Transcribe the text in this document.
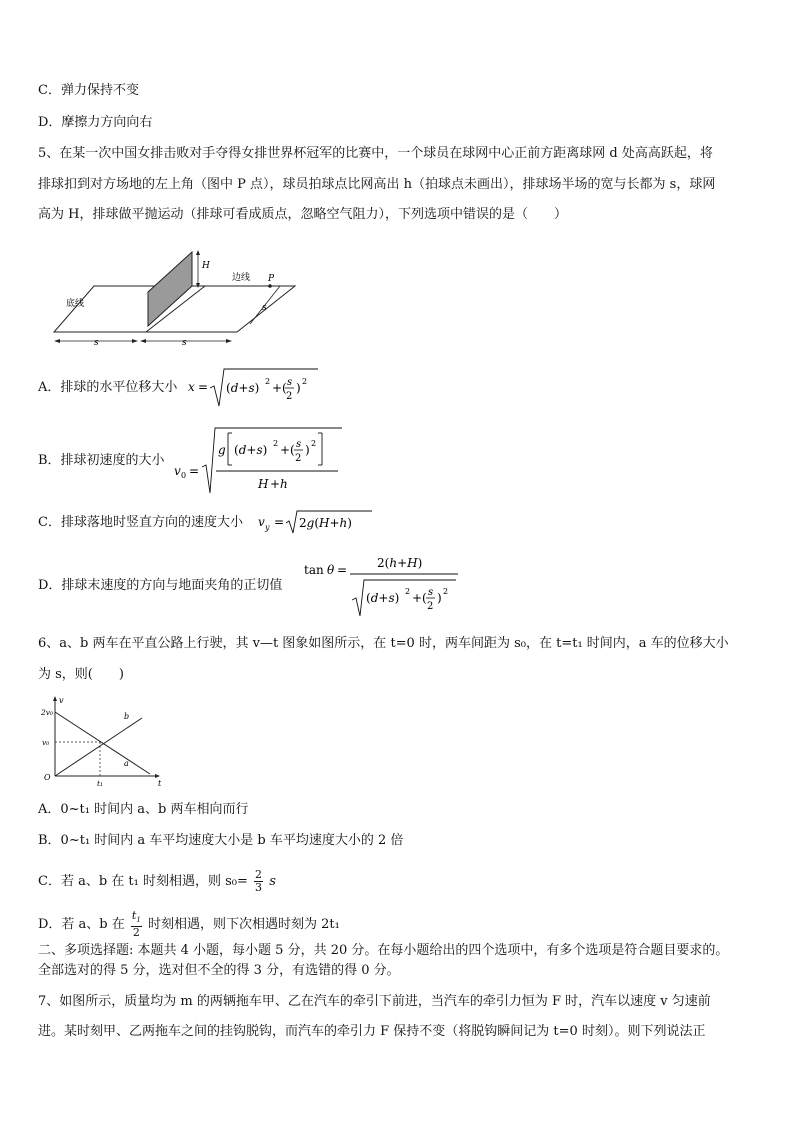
C．弹力保持不变
D．摩擦力方向向右
5、在某一次中国女排击败对手夺得女排世界杯冠军的比赛中，一个球员在球网中心正前方距离球网 d 处高高跃起，将
排球扣到对方场地的左上角（图中 P 点），球员拍球点比网高出 h（拍球点未画出），排球场半场的宽与长都为 s，球网
高为 H，排球做平抛运动（排球可看成质点，忽略空气阻力），下列选项中错误的是（　　）
H
边线 P
s
底线
s	s
A．排球的水平位移大小 x = (d+s) 2 +( s
2
) 2
B．排球初速度的大小
v 0 =
g (d+s) 2 +( s
2
) 2
H + h
C．排球落地时竖直方向的速度大小 v y = 2g(H+h)
D．排球末速度的方向与地面夹角的正切值
tan θ = 2(h+H)
(d+s) 2 +( s
2
) 2
6、a、b 两车在平直公路上行驶，其 v—t 图象如图所示，在 t=0 时，两车间距为 s₀，在 t=t₁ 时间内，a 车的位移大小
为 s，则(　　)
v
t
2v₀
v₀
O
t₁
a
b
A．0~t₁ 时间内 a、b 两车相向而行
B．0~t₁ 时间内 a 车平均速度大小是 b 车平均速度大小的 2 倍
C．若 a、b 在 t₁ 时刻相遇，则 $s_0= \frac{2}{3}$ s
D．若 a、b 在 $\frac{t_1}{2}$ 时刻相遇，则下次相遇时刻为 2t₁
二、多项选择题: 本题共 4 小题，每小题 5 分，共 20 分。在每小题给出的四个选项中，有多个选项是符合题目要求的。
全部选对的得 5 分，选对但不全的得 3 分，有选错的得 0 分。
7、如图所示，质量均为 m 的两辆拖车甲、乙在汽车的牵引下前进，当汽车的牵引力恒为 F 时，汽车以速度 v 匀速前
进。某时刻甲、乙两拖车之间的挂钩脱钩，而汽车的牵引力 F 保持不变（将脱钩瞬间记为 t=0 时刻）。则下列说法正
